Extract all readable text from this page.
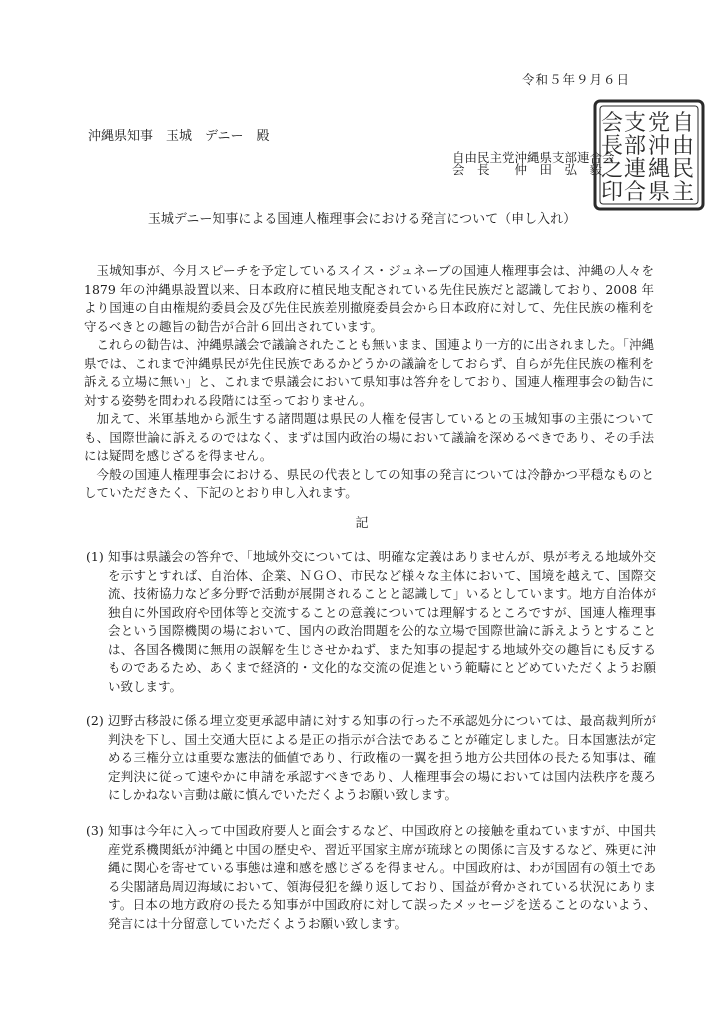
令和５年９月６日
沖縄県知事　玉城　デニー　殿
自由民主党沖縄県支部連合会
会　長　　仲　田　弘　毅
自
由
民
主
党
沖
縄
県
支
部
連
合
会
長
之
印
玉城デニー知事による国連人権理事会における発言について（申し入れ）

玉城知事が、今月スピーチを予定しているスイス・ジュネーブの国連人権理事会は、沖縄の人々を 1879 年の沖縄県設置以来、日本政府に植民地支配されている先住民族だと認識しており、2008 年より国連の自由権規約委員会及び先住民族差別撤廃委員会から日本政府に対して、先住民族の権利を守るべきとの趣旨の勧告が合計６回出されています。

これらの勧告は、沖縄県議会で議論されたことも無いまま、国連より一方的に出されました。「沖縄県では、これまで沖縄県民が先住民族であるかどうかの議論をしておらず、自らが先住民族の権利を訴える立場に無い」と、これまで県議会において県知事は答弁をしており、国連人権理事会の勧告に対する姿勢を問われる段階には至っておりません。

加えて、米軍基地から派生する諸問題は県民の人権を侵害しているとの玉城知事の主張についても、国際世論に訴えるのではなく、まずは国内政治の場において議論を深めるべきであり、その手法には疑問を感じざるを得ません。

今般の国連人権理事会における、県民の代表としての知事の発言については冷静かつ平穏なものとしていただきたく、下記のとおり申し入れます。

記
(1) 知事は県議会の答弁で、「地域外交については、明確な定義はありませんが、県が考える地域外交を示すとすれば、自治体、企業、ＮＧＯ、市民など様々な主体において、国境を越えて、国際交流、技術協力など多分野で活動が展開されることと認識して」いるとしています。地方自治体が独自に外国政府や団体等と交流することの意義については理解するところですが、国連人権理事会という国際機関の場において、国内の政治問題を公的な立場で国際世論に訴えようとすることは、各国各機関に無用の誤解を生じさせかねず、また知事の提起する地域外交の趣旨にも反するものであるため、あくまで経済的・文化的な交流の促進という範疇にとどめていただくようお願い致します。
(2) 辺野古移設に係る埋立変更承認申請に対する知事の行った不承認処分については、最高裁判所が判決を下し、国土交通大臣による是正の指示が合法であることが確定しました。日本国憲法が定める三権分立は重要な憲法的価値であり、行政権の一翼を担う地方公共団体の長たる知事は、確定判決に従って速やかに申請を承認すべきであり、人権理事会の場においては国内法秩序を蔑ろにしかねない言動は厳に慎んでいただくようお願い致します。
(3) 知事は今年に入って中国政府要人と面会するなど、中国政府との接触を重ねていますが、中国共産党系機関紙が沖縄と中国の歴史や、習近平国家主席が琉球との関係に言及するなど、殊更に沖縄に関心を寄せている事態は違和感を感じざるを得ません。中国政府は、わが国固有の領土である尖閣諸島周辺海域において、領海侵犯を繰り返しており、国益が脅かされている状況にあります。日本の地方政府の長たる知事が中国政府に対して誤ったメッセージを送ることのないよう、発言には十分留意していただくようお願い致します。
